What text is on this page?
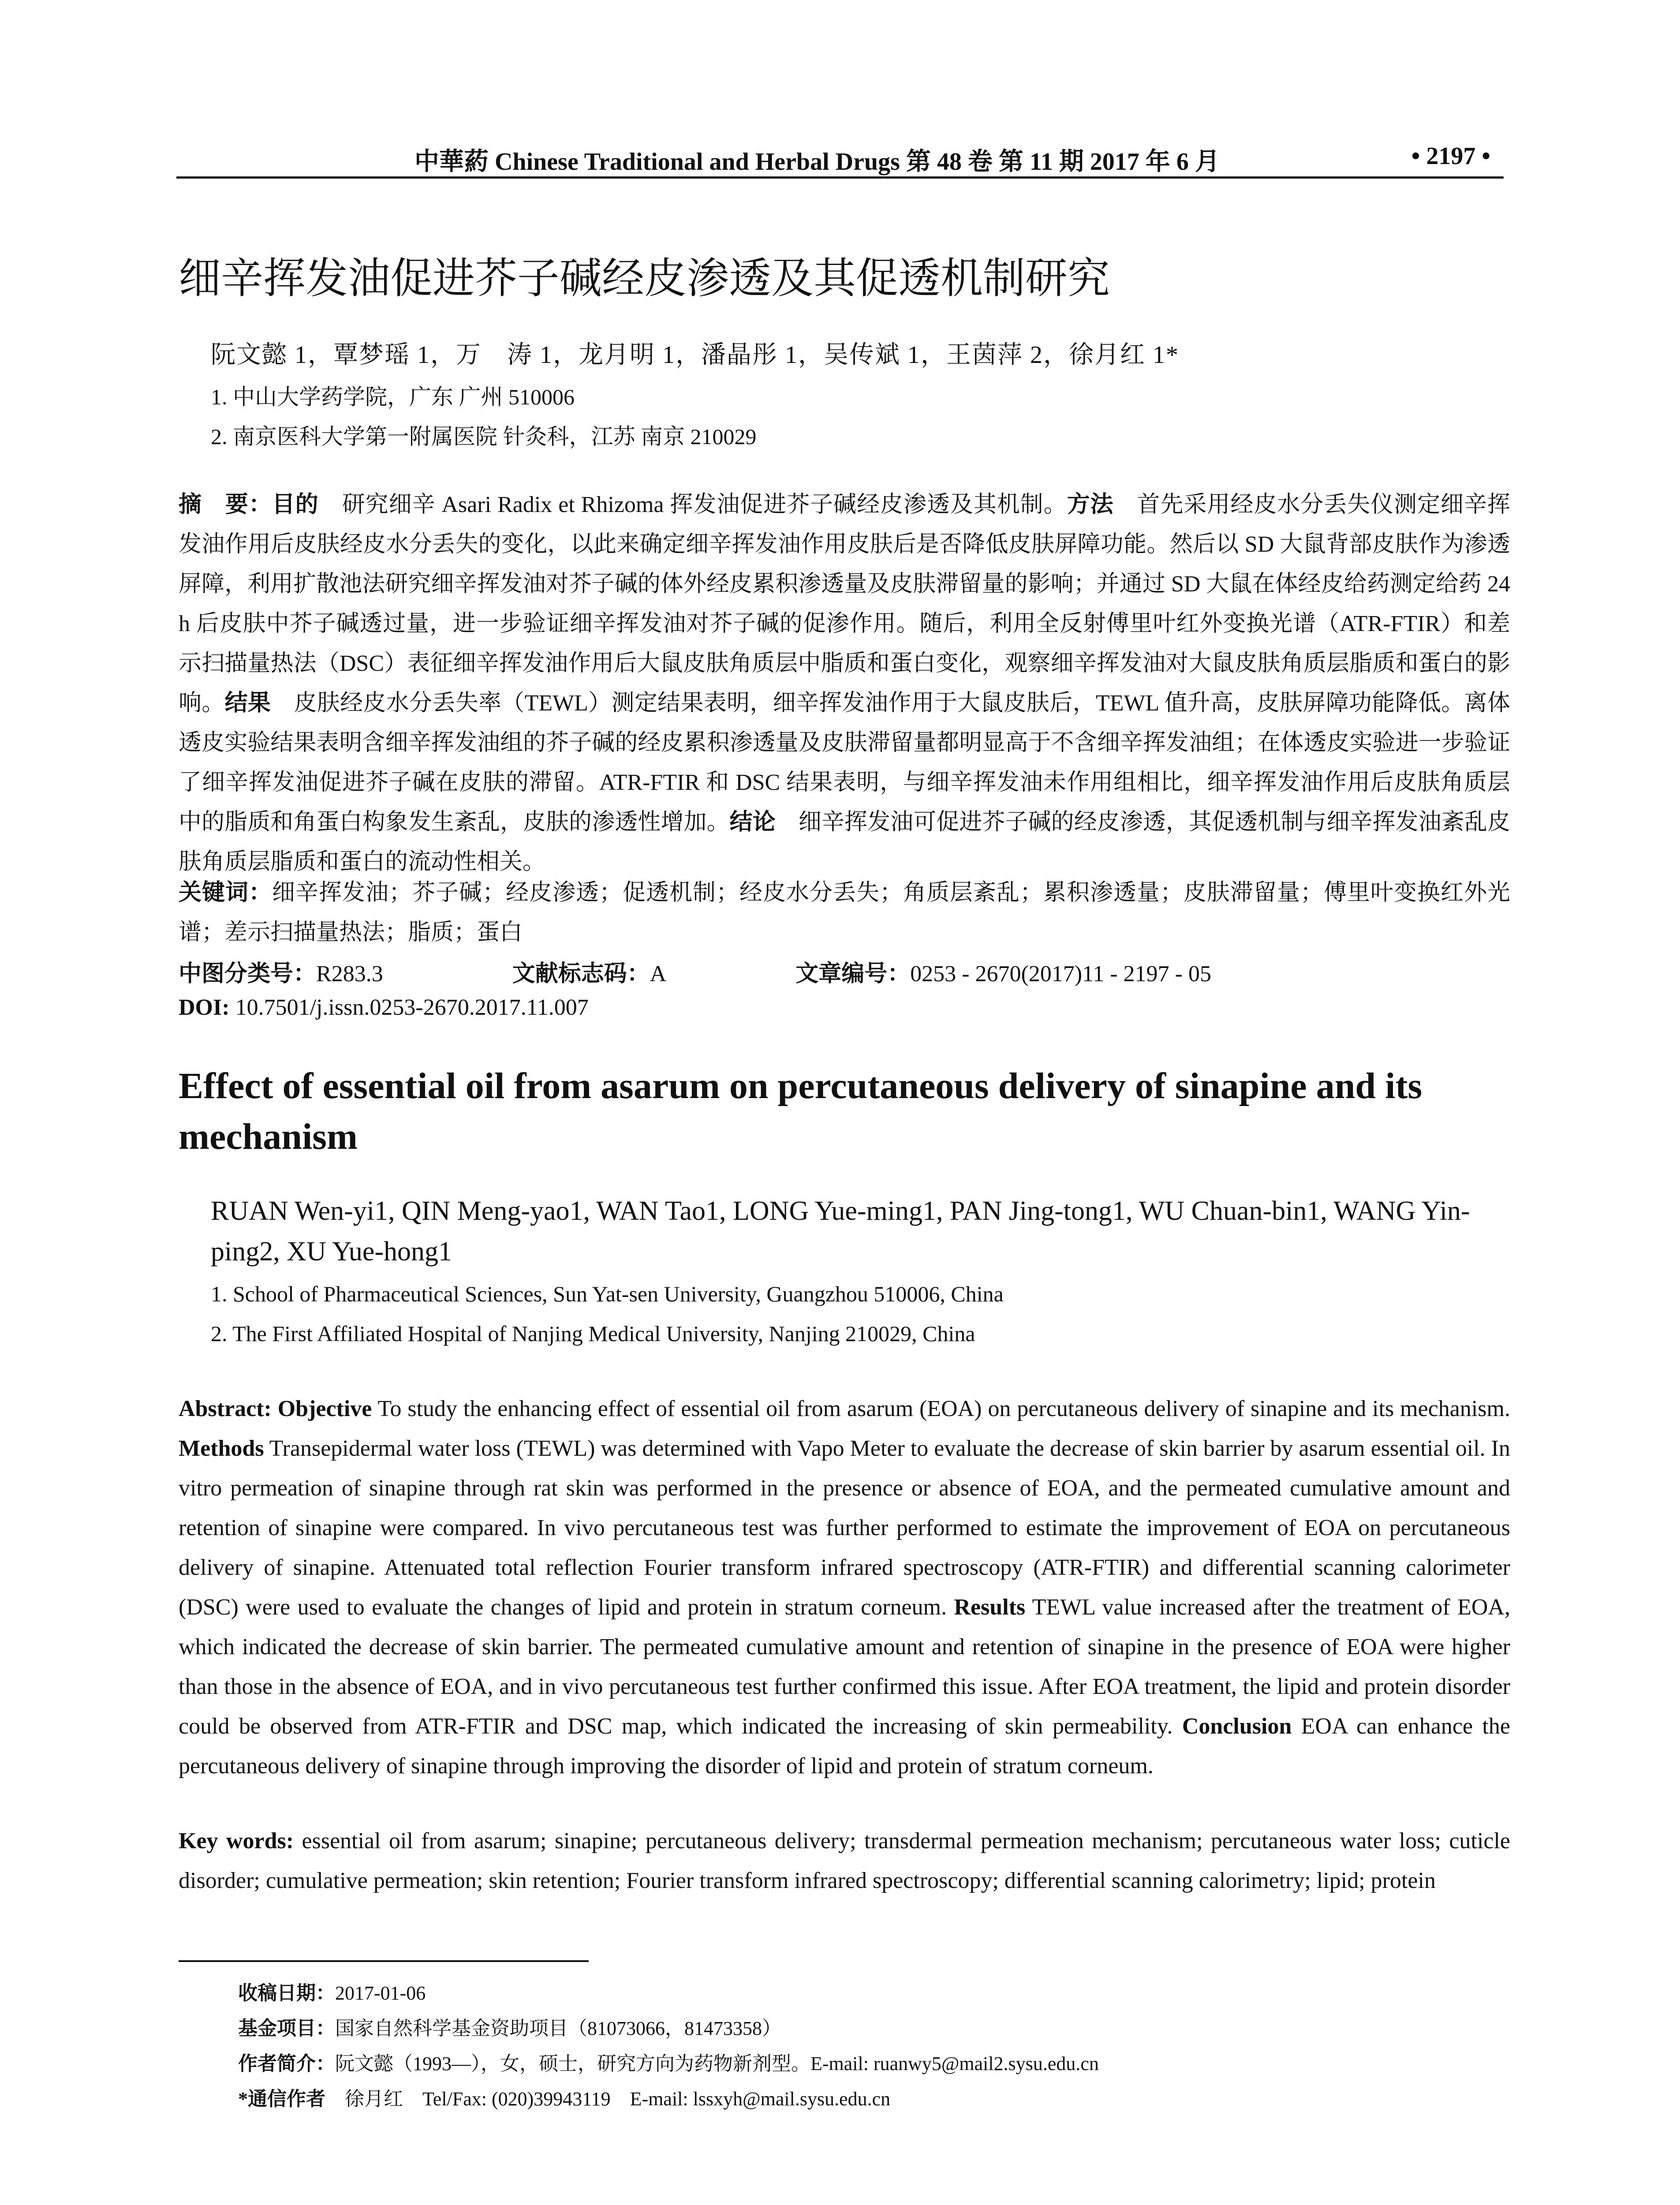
中華葯 Chinese Traditional and Herbal Drugs 第 48 卷 第 11 期 2017 年 6 月	• 2197 •
细辛挥发油促进芥子碱经皮渗透及其促透机制研究
阮文懿 1，覃梦瑶 1，万　涛 1，龙月明 1，潘晶彤 1，吴传斌 1，王茵萍 2，徐月红 1*
1. 中山大学药学院，广东 广州 510006
2. 南京医科大学第一附属医院 针灸科，江苏 南京 210029
摘　要：目的　研究细辛 Asari Radix et Rhizoma 挥发油促进芥子碱经皮渗透及其机制。方法　首先采用经皮水分丢失仪测定细辛挥发油作用后皮肤经皮水分丢失的变化，以此来确定细辛挥发油作用皮肤后是否降低皮肤屏障功能。然后以 SD 大鼠背部皮肤作为渗透屏障，利用扩散池法研究细辛挥发油对芥子碱的体外经皮累积渗透量及皮肤滞留量的影响；并通过 SD 大鼠在体经皮给药测定给药 24 h 后皮肤中芥子碱透过量，进一步验证细辛挥发油对芥子碱的促渗作用。随后，利用全反射傅里叶红外变换光谱（ATR-FTIR）和差示扫描量热法（DSC）表征细辛挥发油作用后大鼠皮肤角质层中脂质和蛋白变化，观察细辛挥发油对大鼠皮肤角质层脂质和蛋白的影响。结果　皮肤经皮水分丢失率（TEWL）测定结果表明，细辛挥发油作用于大鼠皮肤后，TEWL 值升高，皮肤屏障功能降低。离体透皮实验结果表明含细辛挥发油组的芥子碱的经皮累积渗透量及皮肤滞留量都明显高于不含细辛挥发油组；在体透皮实验进一步验证了细辛挥发油促进芥子碱在皮肤的滞留。ATR-FTIR 和 DSC 结果表明，与细辛挥发油未作用组相比，细辛挥发油作用后皮肤角质层中的脂质和角蛋白构象发生紊乱，皮肤的渗透性增加。结论　细辛挥发油可促进芥子碱的经皮渗透，其促透机制与细辛挥发油紊乱皮肤角质层脂质和蛋白的流动性相关。
关键词：细辛挥发油；芥子碱；经皮渗透；促透机制；经皮水分丢失；角质层紊乱；累积渗透量；皮肤滞留量；傅里叶变换红外光谱；差示扫描量热法；脂质；蛋白
中图分类号：R283.3	文献标志码：A	文章编号：0253 - 2670(2017)11 - 2197 - 05
DOI: 10.7501/j.issn.0253-2670.2017.11.007
Effect of essential oil from asarum on percutaneous delivery of sinapine and its mechanism
RUAN Wen-yi1, QIN Meng-yao1, WAN Tao1, LONG Yue-ming1, PAN Jing-tong1, WU Chuan-bin1, WANG Yin-ping2, XU Yue-hong1
1. School of Pharmaceutical Sciences, Sun Yat-sen University, Guangzhou 510006, China
2. The First Affiliated Hospital of Nanjing Medical University, Nanjing 210029, China
Abstract: Objective To study the enhancing effect of essential oil from asarum (EOA) on percutaneous delivery of sinapine and its mechanism. Methods Transepidermal water loss (TEWL) was determined with Vapo Meter to evaluate the decrease of skin barrier by asarum essential oil. In vitro permeation of sinapine through rat skin was performed in the presence or absence of EOA, and the permeated cumulative amount and retention of sinapine were compared. In vivo percutaneous test was further performed to estimate the improvement of EOA on percutaneous delivery of sinapine. Attenuated total reflection Fourier transform infrared spectroscopy (ATR-FTIR) and differential scanning calorimeter (DSC) were used to evaluate the changes of lipid and protein in stratum corneum. Results TEWL value increased after the treatment of EOA, which indicated the decrease of skin barrier. The permeated cumulative amount and retention of sinapine in the presence of EOA were higher than those in the absence of EOA, and in vivo percutaneous test further confirmed this issue. After EOA treatment, the lipid and protein disorder could be observed from ATR-FTIR and DSC map, which indicated the increasing of skin permeability. Conclusion EOA can enhance the percutaneous delivery of sinapine through improving the disorder of lipid and protein of stratum corneum.
Key words: essential oil from asarum; sinapine; percutaneous delivery; transdermal permeation mechanism; percutaneous water loss; cuticle disorder; cumulative permeation; skin retention; Fourier transform infrared spectroscopy; differential scanning calorimetry; lipid; protein
收稿日期：2017-01-06
基金项目：国家自然科学基金资助项目（81073066，81473358）
作者简介：阮文懿（1993—），女，硕士，研究方向为药物新剂型。E-mail: ruanwy5@mail2.sysu.edu.cn
*通信作者　徐月红　Tel/Fax: (020)39943119　E-mail: lssxyh@mail.sysu.edu.cn
